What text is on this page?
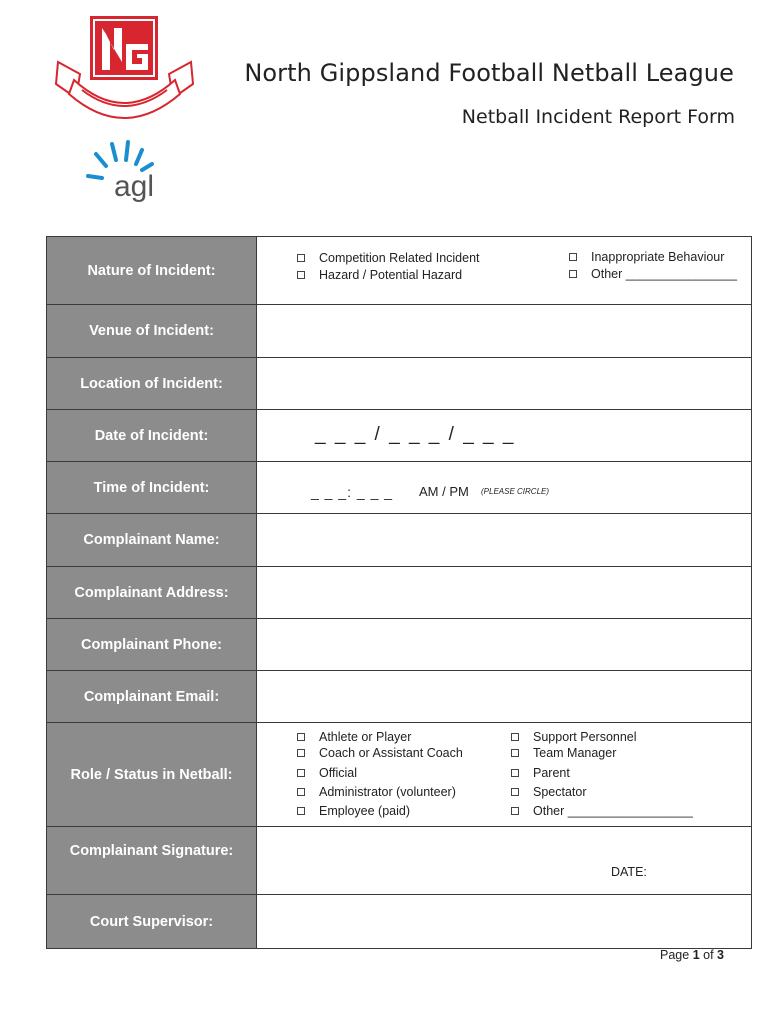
agl
North Gippsland Football Netball League
Netball Incident Report Form
Nature of Incident:
Competition Related Incident
Hazard / Potential Hazard
Inappropriate Behaviour
Other ________________
Venue of Incident:
Location of Incident:
Date of Incident:	_ _ _ / _ _ _ / _ _ _
Time of Incident:	_ _ _: _ _ _ AM / PM (PLEASE CIRCLE)
Complainant Name:
Complainant Address:
Complainant Phone:
Complainant Email:
Role / Status in Netball:
Athlete or Player
Coach or Assistant Coach
Official
Administrator (volunteer)
Employee (paid)
Support Personnel
Team Manager
Parent
Spectator
Other __________________
Complainant Signature:
DATE:
Court Supervisor:
Page 1 of 3
